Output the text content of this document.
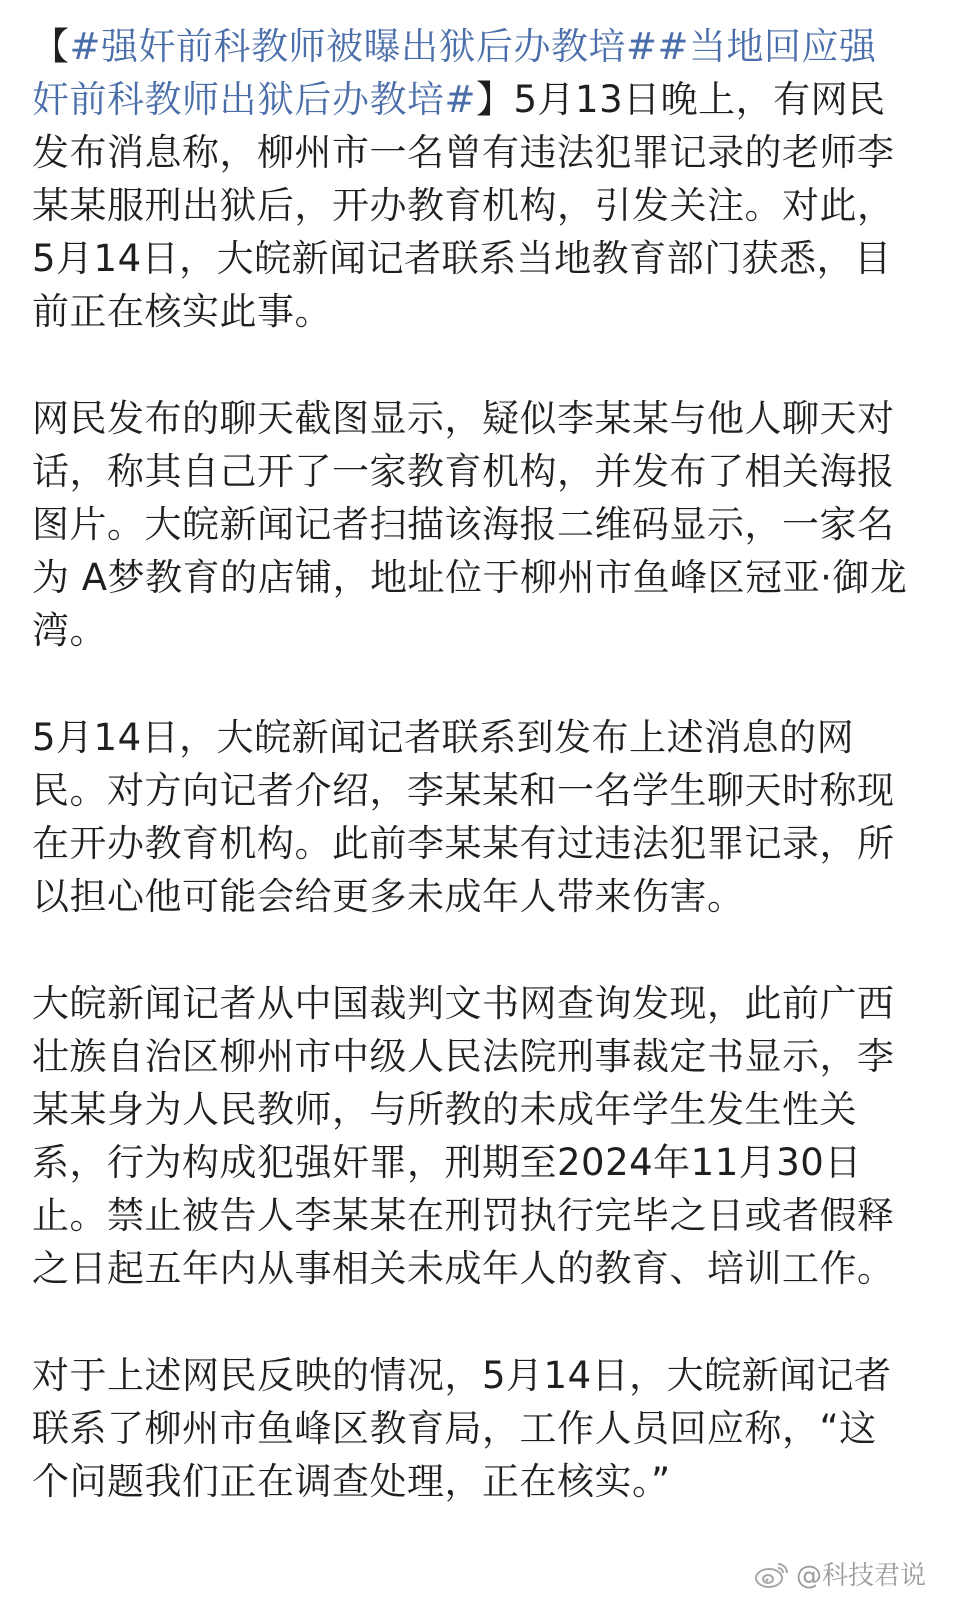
【#强奸前科教师被曝出狱后办教培##当地回应强奸前科教师出狱后办教培#】5月13日晚上，有网民发布消息称，柳州市一名曾有违法犯罪记录的老师李某某服刑出狱后，开办教育机构，引发关注。对此，5月14日，大皖新闻记者联系当地教育部门获悉，目前正在核实此事。

网民发布的聊天截图显示，疑似李某某与他人聊天对话，称其自己开了一家教育机构，并发布了相关海报图片。大皖新闻记者扫描该海报二维码显示，一家名为 A梦教育的店铺，地址位于柳州市鱼峰区冠亚·御龙湾。

5月14日，大皖新闻记者联系到发布上述消息的网民。对方向记者介绍，李某某和一名学生聊天时称现在开办教育机构。此前李某某有过违法犯罪记录，所以担心他可能会给更多未成年人带来伤害。

大皖新闻记者从中国裁判文书网查询发现，此前广西壮族自治区柳州市中级人民法院刑事裁定书显示，李某某身为人民教师，与所教的未成年学生发生性关系，行为构成犯强奸罪，刑期至2024年11月30日止。禁止被告人李某某在刑罚执行完毕之日或者假释之日起五年内从事相关未成年人的教育、培训工作。

对于上述网民反映的情况，5月14日，大皖新闻记者联系了柳州市鱼峰区教育局，工作人员回应称，“这个问题我们正在调查处理，正在核实。”

@科技君说
